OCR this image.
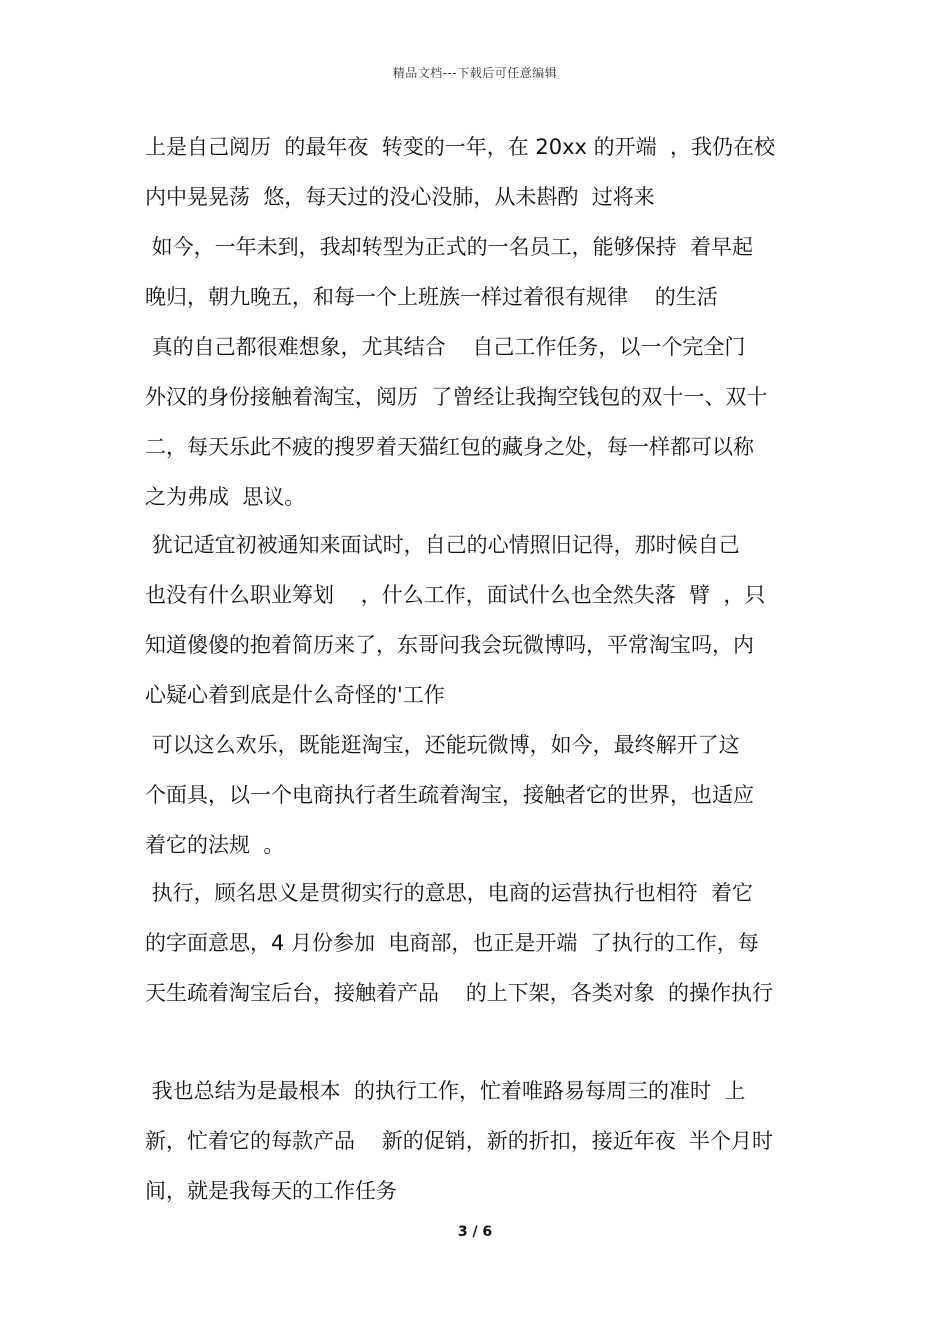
精品文档---下载后可任意编辑
上是自己阅历  的最年夜  转变的一年，在 20xx 的开端  ，我仍在校
内中晃晃荡  悠，每天过的没心没肺，从未斟酌  过将来
如今，一年未到，我却转型为正式的一名员工，能够保持  着早起
晚归，朝九晚五，和每一个上班族一样过着很有规律    的生活
真的自己都很难想象，尤其结合    自己工作任务，以一个完全门
外汉的身份接触着淘宝，阅历  了曾经让我掏空钱包的双十一、双十
二，每天乐此不疲的搜罗着天猫红包的藏身之处，每一样都可以称
之为弗成  思议。
犹记适宜初被通知来面试时，自己的心情照旧记得，那时候自己
也没有什么职业筹划    ，什么工作，面试什么也全然失落  臂  ，只
知道傻傻的抱着简历来了，东哥问我会玩微博吗，平常淘宝吗，内
心疑心着到底是什么奇怪的'工作
可以这么欢乐，既能逛淘宝，还能玩微博，如今，最终解开了这
个面具，以一个电商执行者生疏着淘宝，接触者它的世界，也适应
着它的法规  。
执行，顾名思义是贯彻实行的意思，电商的运营执行也相符  着它
的字面意思，4 月份参加  电商部，也正是开端  了执行的工作，每
天生疏着淘宝后台，接触着产品    的上下架，各类对象  的操作执行
我也总结为是最根本  的执行工作，忙着唯路易每周三的准时  上
新，忙着它的每款产品    新的促销，新的折扣，接近年夜  半个月时
间，就是我每天的工作任务
3 / 6
